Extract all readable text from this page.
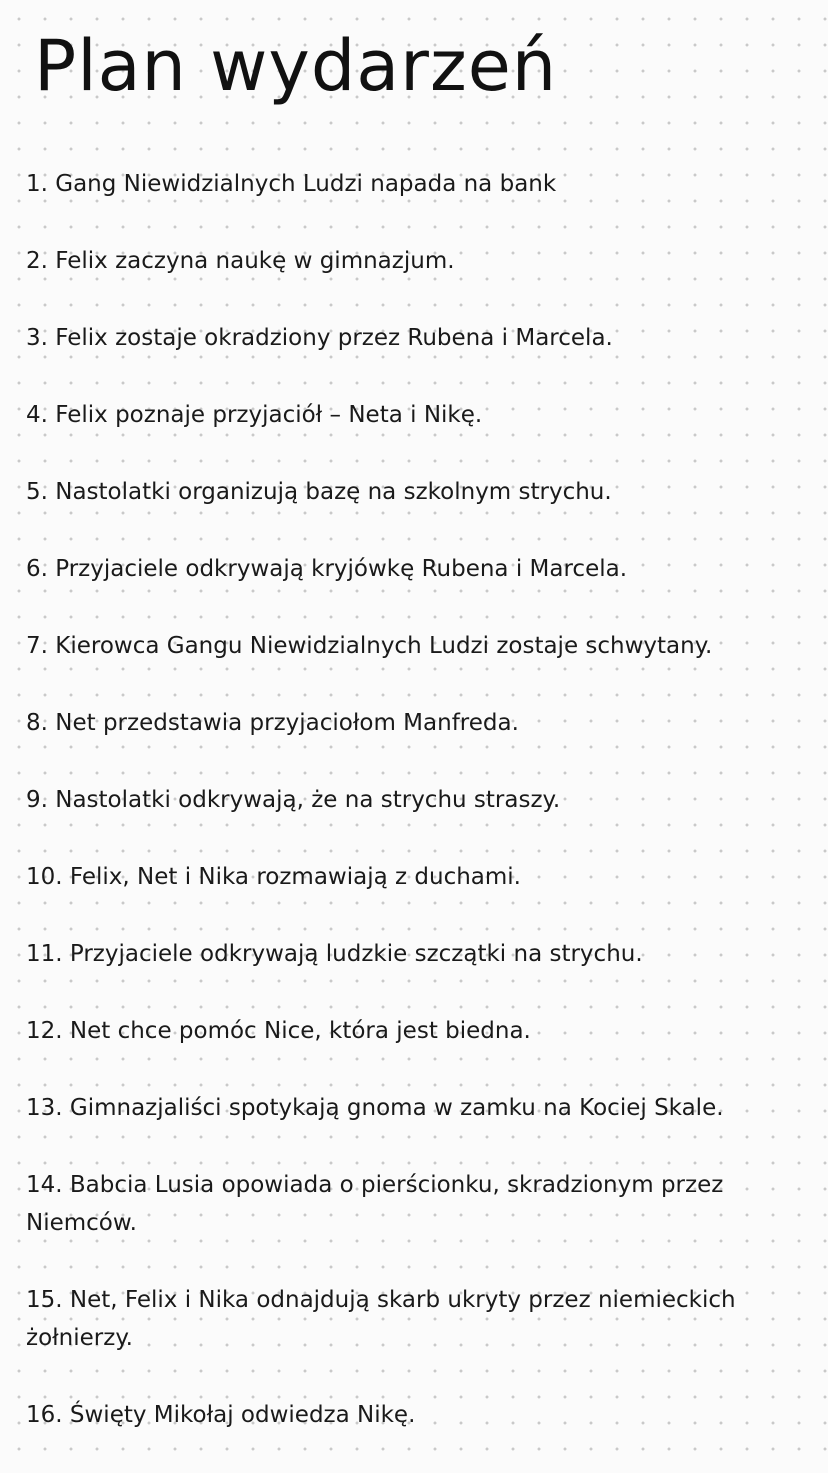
Plan wydarzeń
1. Gang Niewidzialnych Ludzi napada na bank
2. Felix zaczyna naukę w gimnazjum.
3. Felix zostaje okradziony przez Rubena i Marcela.
4. Felix poznaje przyjaciół – Neta i Nikę.
5. Nastolatki organizują bazę na szkolnym strychu.
6. Przyjaciele odkrywają kryjówkę Rubena i Marcela.
7. Kierowca Gangu Niewidzialnych Ludzi zostaje schwytany.
8. Net przedstawia przyjaciołom Manfreda.
9. Nastolatki odkrywają, że na strychu straszy.
10. Felix, Net i Nika rozmawiają z duchami.
11. Przyjaciele odkrywają ludzkie szczątki na strychu.
12. Net chce pomóc Nice, która jest biedna.
13. Gimnazjaliści spotykają gnoma w zamku na Kociej Skale.
14. Babcia Lusia opowiada o pierścionku, skradzionym przez Niemców.
15. Net, Felix i Nika odnajdują skarb ukryty przez niemieckich żołnierzy.
16. Święty Mikołaj odwiedza Nikę.
